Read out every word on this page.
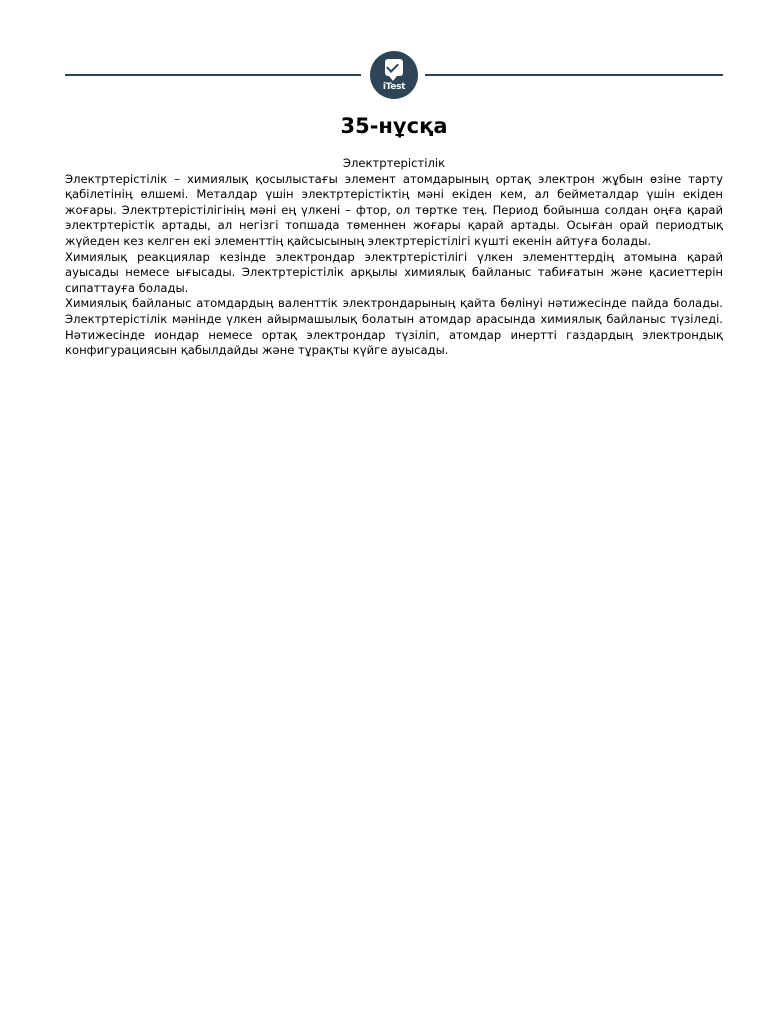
iTest
35-нұсқа

Электртерістілік

Электртерістілік – химиялық қосылыстағы элемент атомдарының ортақ электрон жұбын өзіне тарту қабілетінің өлшемі. Металдар үшін электртерістіктің мәні екіден кем, ал бейметалдар үшін екіден жоғары. Электртерістілігінің мәні ең үлкені – фтор, ол төртке тең. Период бойынша солдан оңға қарай электртерістік артады, ал негізгі топшада төменнен жоғары қарай артады. Осыған орай периодтық жүйеден кез келген екі элементтің қайсысының электртерістілігі күшті екенін айтуға болады.

Химиялық реакциялар кезінде электрондар электртерістілігі үлкен элементтердің атомына қарай ауысады немесе ығысады. Электртерістілік арқылы химиялық байланыс табиғатын және қасиеттерін сипаттауға болады.

Химиялық байланыс атомдардың валенттік электрондарының қайта бөлінуі нәтижесінде пайда болады. Электртерістілік мәнінде үлкен айырмашылық болатын атомдар арасында химиялық байланыс түзіледі. Нәтижесінде иондар немесе ортақ электрондар түзіліп, атомдар инертті газдардың электрондық конфигурациясын қабылдайды және тұрақты күйге ауысады.
